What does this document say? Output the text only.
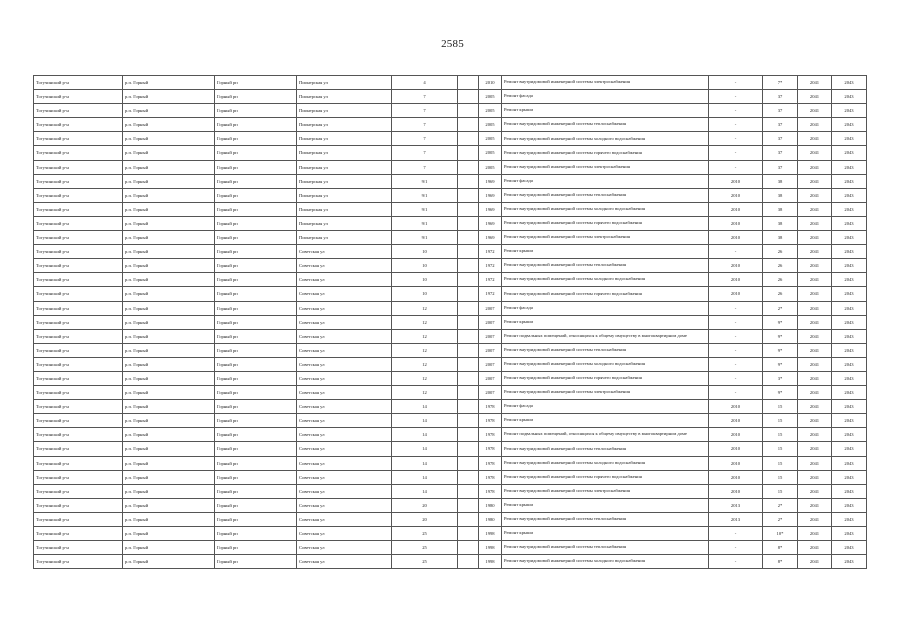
2585
Тогучинский р-н	р.п. Горный	Горный рп	Пионерская ул	4		2010	Ремонт внутридомовой инженерной системы электроснабжения	-	7*	2041	2043
Тогучинский р-н	р.п. Горный	Горный рп	Пионерская ул	7		2005	Ремонт фасада	-	37	2041	2043
Тогучинский р-н	р.п. Горный	Горный рп	Пионерская ул	7		2005	Ремонт крыши	-	37	2041	2043
Тогучинский р-н	р.п. Горный	Горный рп	Пионерская ул	7		2005	Ремонт внутридомовой инженерной системы теплоснабжения	-	37	2041	2043
Тогучинский р-н	р.п. Горный	Горный рп	Пионерская ул	7		2005	Ремонт внутридомовой инженерной системы холодного водоснабжения	-	37	2041	2043
Тогучинский р-н	р.п. Горный	Горный рп	Пионерская ул	7		2005	Ремонт внутридомовой инженерной системы горячего водоснабжения	-	37	2041	2043
Тогучинский р-н	р.п. Горный	Горный рп	Пионерская ул	7		2005	Ремонт внутридомовой инженерной системы электроснабжения	-	37	2041	2043
Тогучинский р-н	р.п. Горный	Горный рп	Пионерская ул	9/1		1969	Ремонт фасада	2010	38	2041	2043
Тогучинский р-н	р.п. Горный	Горный рп	Пионерская ул	9/1		1969	Ремонт внутридомовой инженерной системы теплоснабжения	2010	38	2041	2043
Тогучинский р-н	р.п. Горный	Горный рп	Пионерская ул	9/1		1969	Ремонт внутридомовой инженерной системы холодного водоснабжения	2010	38	2041	2043
Тогучинский р-н	р.п. Горный	Горный рп	Пионерская ул	9/1		1969	Ремонт внутридомовой инженерной системы горячего водоснабжения	2010	38	2041	2043
Тогучинский р-н	р.п. Горный	Горный рп	Пионерская ул	9/1		1969	Ремонт внутридомовой инженерной системы электроснабжения	2010	38	2041	2043
Тогучинский р-н	р.п. Горный	Горный рп	Советская ул	10		1972	Ремонт крыши	-	26	2041	2043
Тогучинский р-н	р.п. Горный	Горный рп	Советская ул	10		1972	Ремонт внутридомовой инженерной системы теплоснабжения	2010	26	2041	2043
Тогучинский р-н	р.п. Горный	Горный рп	Советская ул	10		1972	Ремонт внутридомовой инженерной системы холодного водоснабжения	2010	26	2041	2043
Тогучинский р-н	р.п. Горный	Горный рп	Советская ул	10		1972	Ремонт внутридомовой инженерной системы горячего водоснабжения	2010	26	2041	2043
Тогучинский р-н	р.п. Горный	Горный рп	Советская ул	12		2007	Ремонт фасада	-	2*	2041	2043
Тогучинский р-н	р.п. Горный	Горный рп	Советская ул	12		2007	Ремонт крыши	-	9*	2041	2043
Тогучинский р-н	р.п. Горный	Горный рп	Советская ул	12		2007	Ремонт подвальных помещений, относящихся к общему имуществу в многоквартирном доме	-	9*	2041	2043
Тогучинский р-н	р.п. Горный	Горный рп	Советская ул	12		2007	Ремонт внутридомовой инженерной системы теплоснабжения	-	9*	2041	2043
Тогучинский р-н	р.п. Горный	Горный рп	Советская ул	12		2007	Ремонт внутридомовой инженерной системы холодного водоснабжения	-	9*	2041	2043
Тогучинский р-н	р.п. Горный	Горный рп	Советская ул	12		2007	Ремонт внутридомовой инженерной системы горячего водоснабжения	-	3*	2041	2043
Тогучинский р-н	р.п. Горный	Горный рп	Советская ул	12		2007	Ремонт внутридомовой инженерной системы электроснабжения	-	9*	2041	2043
Тогучинский р-н	р.п. Горный	Горный рп	Советская ул	14		1978	Ремонт фасада	2010	15	2041	2043
Тогучинский р-н	р.п. Горный	Горный рп	Советская ул	14		1978	Ремонт крыши	2010	15	2041	2043
Тогучинский р-н	р.п. Горный	Горный рп	Советская ул	14		1978	Ремонт подвальных помещений, относящихся к общему имуществу в многоквартирном доме	2010	15	2041	2043
Тогучинский р-н	р.п. Горный	Горный рп	Советская ул	14		1978	Ремонт внутридомовой инженерной системы теплоснабжения	2010	15	2041	2043
Тогучинский р-н	р.п. Горный	Горный рп	Советская ул	14		1978	Ремонт внутридомовой инженерной системы холодного водоснабжения	2010	15	2041	2043
Тогучинский р-н	р.п. Горный	Горный рп	Советская ул	14		1978	Ремонт внутридомовой инженерной системы горячего водоснабжения	2010	15	2041	2043
Тогучинский р-н	р.п. Горный	Горный рп	Советская ул	14		1978	Ремонт внутридомовой инженерной системы электроснабжения	2010	15	2041	2043
Тогучинский р-н	р.п. Горный	Горный рп	Советская ул	20		1980	Ремонт крыши	2013	2*	2041	2043
Тогучинский р-н	р.п. Горный	Горный рп	Советская ул	20		1980	Ремонт внутридомовой инженерной системы теплоснабжения	2013	2*	2041	2043
Тогучинский р-н	р.п. Горный	Горный рп	Советская ул	25		1998	Ремонт крыши	-	10*	2041	2043
Тогучинский р-н	р.п. Горный	Горный рп	Советская ул	25		1998	Ремонт внутридомовой инженерной системы теплоснабжения	-	8*	2041	2043
Тогучинский р-н	р.п. Горный	Горный рп	Советская ул	25		1998	Ремонт внутридомовой инженерной системы холодного водоснабжения	-	8*	2041	2043
